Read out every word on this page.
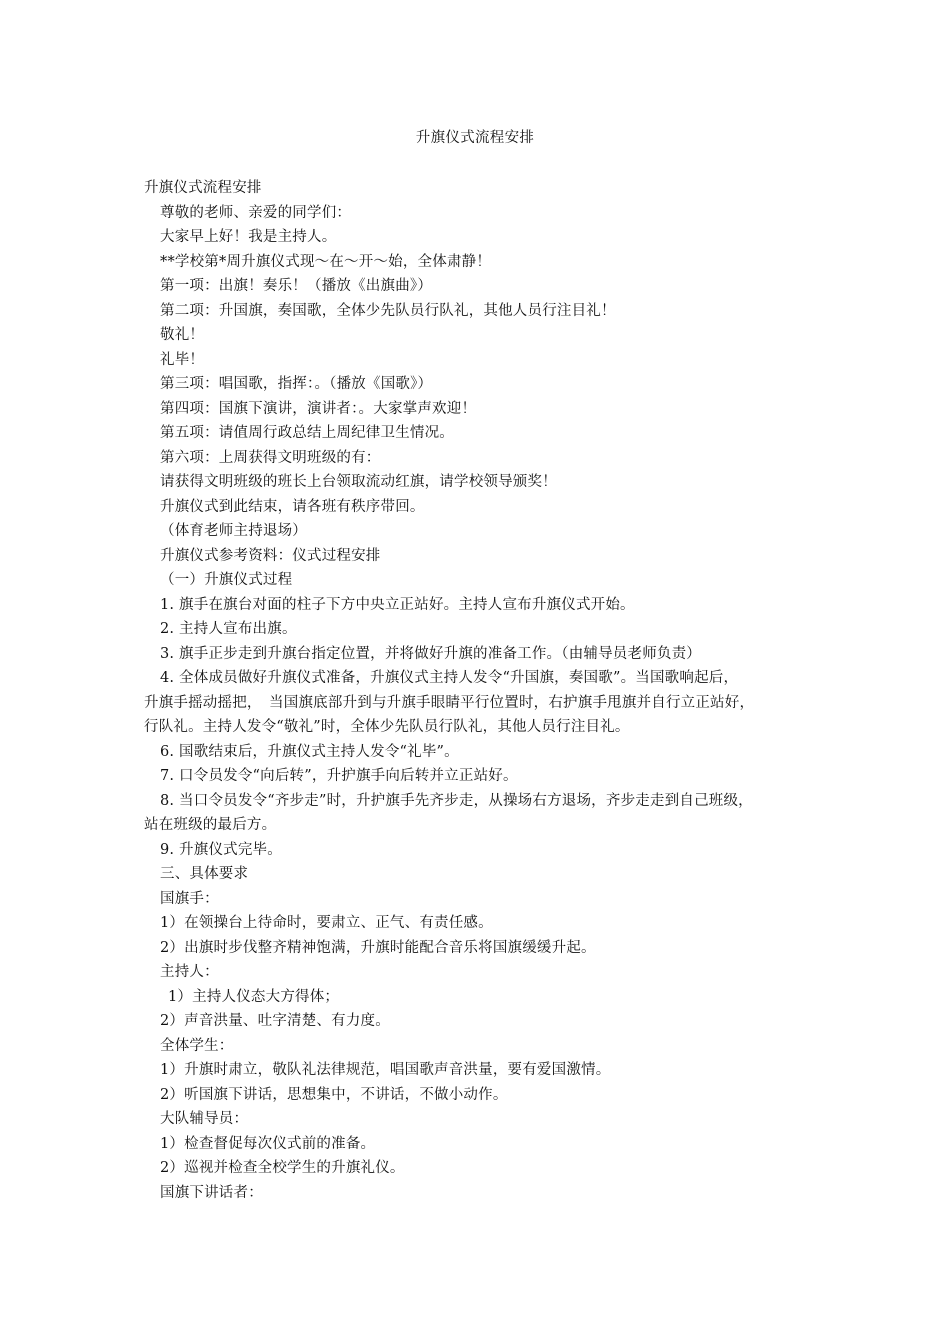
升旗仪式流程安排
升旗仪式流程安排
尊敬的老师、亲爱的同学们：
大家早上好！我是主持人。
**学校第*周升旗仪式现～在～开～始，全体肃静！
第一项：出旗！奏乐！（播放《出旗曲》）
第二项：升国旗，奏国歌，全体少先队员行队礼，其他人员行注目礼！
敬礼！
礼毕！
第三项：唱国歌，指挥：。（播放《国歌》）
第四项：国旗下演讲，演讲者：。大家掌声欢迎！
第五项：请值周行政总结上周纪律卫生情况。
第六项：上周获得文明班级的有：
请获得文明班级的班长上台领取流动红旗，请学校领导颁奖！
升旗仪式到此结束，请各班有秩序带回。
（体育老师主持退场）
升旗仪式参考资料：仪式过程安排
（一）升旗仪式过程
1. 旗手在旗台对面的柱子下方中央立正站好。主持人宣布升旗仪式开始。
2. 主持人宣布出旗。
3. 旗手正步走到升旗台指定位置，并将做好升旗的准备工作。（由辅导员老师负责）
4. 全体成员做好升旗仪式准备，升旗仪式主持人发令“升国旗，奏国歌”。当国歌响起后，
升旗手摇动摇把，　当国旗底部升到与升旗手眼睛平行位置时，右护旗手甩旗并自行立正站好，
行队礼。主持人发令“敬礼”时，全体少先队员行队礼，其他人员行注目礼。
6. 国歌结束后，升旗仪式主持人发令“礼毕”。
7. 口令员发令“向后转”，升护旗手向后转并立正站好。
8. 当口令员发令“齐步走”时，升护旗手先齐步走，从操场右方退场，齐步走走到自己班级，
站在班级的最后方。
9. 升旗仪式完毕。
三、具体要求
国旗手：
1）在领操台上待命时，要肃立、正气、有责任感。
2）出旗时步伐整齐精神饱满，升旗时能配合音乐将国旗缓缓升起。
主持人：
1）主持人仪态大方得体；
2）声音洪量、吐字清楚、有力度。
全体学生：
1）升旗时肃立，敬队礼法律规范，唱国歌声音洪量，要有爱国激情。
2）听国旗下讲话，思想集中，不讲话，不做小动作。
大队辅导员：
1）检查督促每次仪式前的准备。
2）巡视并检查全校学生的升旗礼仪。
国旗下讲话者：
